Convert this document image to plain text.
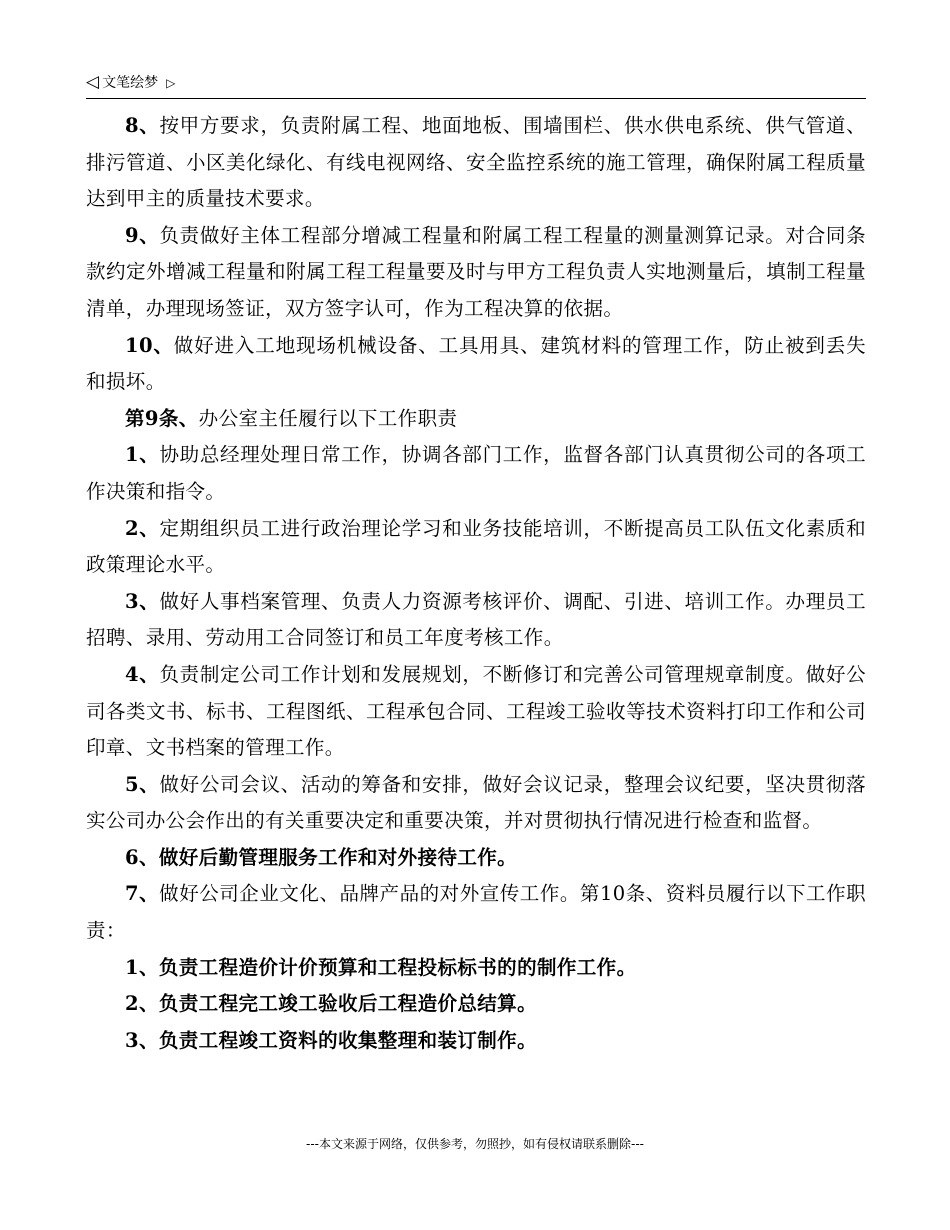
◁ 文笔绘梦 ▷

8、按甲方要求，负责附属工程、地面地板、围墙围栏、供水供电系统、供气管道、排污管道、小区美化绿化、有线电视网络、安全监控系统的施工管理，确保附属工程质量达到甲主的质量技术要求。

9、负责做好主体工程部分增减工程量和附属工程工程量的测量测算记录。对合同条款约定外增减工程量和附属工程工程量要及时与甲方工程负责人实地测量后，填制工程量清单，办理现场签证，双方签字认可，作为工程决算的依据。

10、做好进入工地现场机械设备、工具用具、建筑材料的管理工作，防止被到丢失和损坏。

第9条、办公室主任履行以下工作职责

1、协助总经理处理日常工作，协调各部门工作，监督各部门认真贯彻公司的各项工作决策和指令。

2、定期组织员工进行政治理论学习和业务技能培训，不断提高员工队伍文化素质和政策理论水平。

3、做好人事档案管理、负责人力资源考核评价、调配、引进、培训工作。办理员工招聘、录用、劳动用工合同签订和员工年度考核工作。

4、负责制定公司工作计划和发展规划，不断修订和完善公司管理规章制度。做好公司各类文书、标书、工程图纸、工程承包合同、工程竣工验收等技术资料打印工作和公司印章、文书档案的管理工作。

5、做好公司会议、活动的筹备和安排，做好会议记录，整理会议纪要，坚决贯彻落实公司办公会作出的有关重要决定和重要决策，并对贯彻执行情况进行检查和监督。

6、做好后勤管理服务工作和对外接待工作。

7、做好公司企业文化、品牌产品的对外宣传工作。第10条、资料员履行以下工作职责：

1、负责工程造价计价预算和工程投标标书的的制作工作。

2、负责工程完工竣工验收后工程造价总结算。

3、负责工程竣工资料的收集整理和装订制作。

---本文来源于网络，仅供参考，勿照抄，如有侵权请联系删除---
